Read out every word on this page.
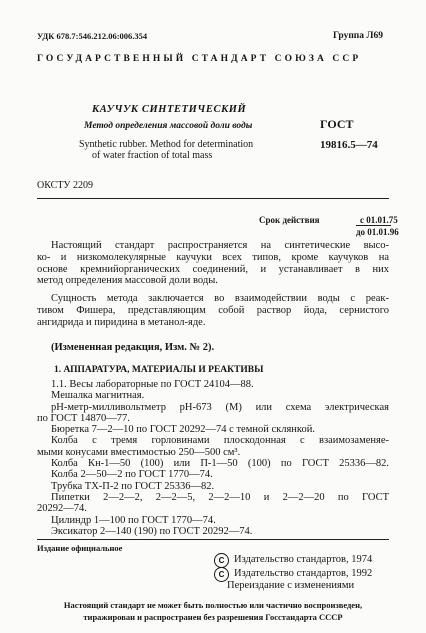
УДК 678.7:546.212.06:006.354	Группа Л69
ГОСУДАРСТВЕННЫЙ СТАНДАРТ СОЮЗА ССР
КАУЧУК СИНТЕТИЧЕСКИЙ
Метод определения массовой доли воды
Synthetic rubber. Method for determination
of water fraction of total mass
ГОСТ
19816.5—74
ОКСТУ 2209
Срок действия	с 01.01.75
до 01.01.96
Настоящий стандарт распространяется на синтетические высо-
ко- и низкомолекулярные каучуки всех типов, кроме каучуков на
основе кремнийорганических соединений, и устанавливает в них
метод определения массовой доли воды.
Сущность метода заключается во взаимодействии воды с реак-
тивом Фишера, представляющим собой раствор йода, сернистого
ангидрида и пиридина в метанол-яде.
(Измененная редакция, Изм. № 2).
1. АППАРАТУРА, МАТЕРИАЛЫ И РЕАКТИВЫ
1.1. Весы лабораторные по ГОСТ 24104—88.
Мешалка магнитная.
pH-метр-милливольтметр pH-673 (М) или схема электрическая
по ГОСТ 14870—77.
Бюретка 7—2—10 по ГОСТ 20292—74 с темной склянкой.
Колба с тремя горловинами плоскодонная с взаимозаменяе-
мыми конусами вместимостью 250—500 см³.
Колба Кн-1—50 (100) или П-1—50 (100) по ГОСТ 25336—82.
Колба 2—50—2 по ГОСТ 1770—74.
Трубка ТХ-П-2 по ГОСТ 25336—82.
Пипетки 2—2—2, 2—2—5, 2—2—10 и 2—2—20 по ГОСТ
20292—74.
Цилиндр 1—100 по ГОСТ 1770—74.
Эксикатор 2—140 (190) по ГОСТ 20292—74.
Издание официальное
C Издательство стандартов, 1974
C Издательство стандартов, 1992
Переиздание с изменениями
Настоящий стандарт не может быть полностью или частично воспроизведен,
тиражирован и распространен без разрешения Госстандарта СССР
